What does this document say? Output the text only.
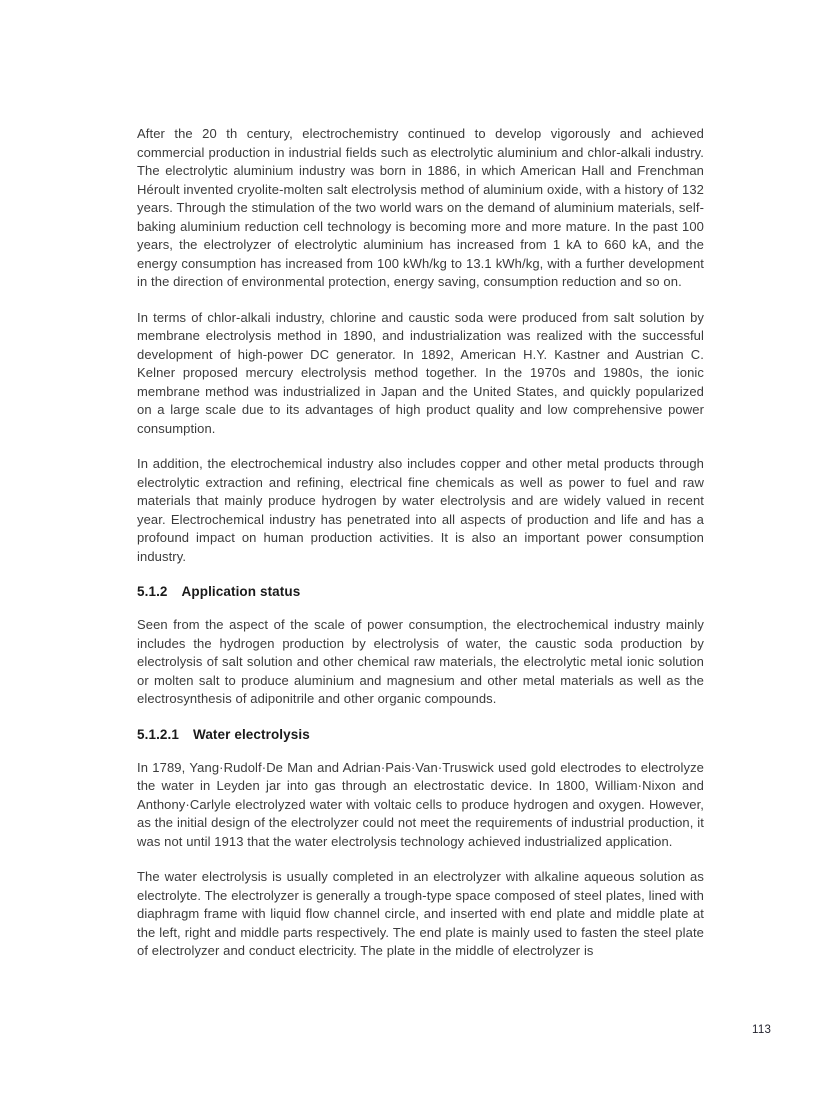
After the 20 th century, electrochemistry continued to develop vigorously and achieved commercial production in industrial fields such as electrolytic aluminium and chlor-alkali industry. The electrolytic aluminium industry was born in 1886, in which American Hall and Frenchman Héroult invented cryolite-molten salt electrolysis method of aluminium oxide, with a history of 132 years. Through the stimulation of the two world wars on the demand of aluminium materials, self-baking aluminium reduction cell technology is becoming more and more mature. In the past 100 years, the electrolyzer of electrolytic aluminium has increased from 1 kA to 660 kA, and the energy consumption has increased from 100 kWh/kg to 13.1 kWh/kg, with a further development in the direction of environmental protection, energy saving, consumption reduction and so on.

In terms of chlor-alkali industry, chlorine and caustic soda were produced from salt solution by membrane electrolysis method in 1890, and industrialization was realized with the successful development of high-power DC generator. In 1892, American H.Y. Kastner and Austrian C. Kelner proposed mercury electrolysis method together. In the 1970s and 1980s, the ionic membrane method was industrialized in Japan and the United States, and quickly popularized on a large scale due to its advantages of high product quality and low comprehensive power consumption.

In addition, the electrochemical industry also includes copper and other metal products through electrolytic extraction and refining, electrical fine chemicals as well as power to fuel and raw materials that mainly produce hydrogen by water electrolysis and are widely valued in recent year. Electrochemical industry has penetrated into all aspects of production and life and has a profound impact on human production activities. It is also an important power consumption industry.

5.1.2 Application status

Seen from the aspect of the scale of power consumption, the electrochemical industry mainly includes the hydrogen production by electrolysis of water, the caustic soda production by electrolysis of salt solution and other chemical raw materials, the electrolytic metal ionic solution or molten salt to produce aluminium and magnesium and other metal materials as well as the electrosynthesis of adiponitrile and other organic compounds.

5.1.2.1 Water electrolysis

In 1789, Yang·Rudolf·De Man and Adrian·Pais·Van·Truswick used gold electrodes to electrolyze the water in Leyden jar into gas through an electrostatic device. In 1800, William·Nixon and Anthony·Carlyle electrolyzed water with voltaic cells to produce hydrogen and oxygen. However, as the initial design of the electrolyzer could not meet the requirements of industrial production, it was not until 1913 that the water electrolysis technology achieved industrialized application.

The water electrolysis is usually completed in an electrolyzer with alkaline aqueous solution as electrolyte. The electrolyzer is generally a trough-type space composed of steel plates, lined with diaphragm frame with liquid flow channel circle, and inserted with end plate and middle plate at the left, right and middle parts respectively. The end plate is mainly used to fasten the steel plate of electrolyzer and conduct electricity. The plate in the middle of electrolyzer is

113
